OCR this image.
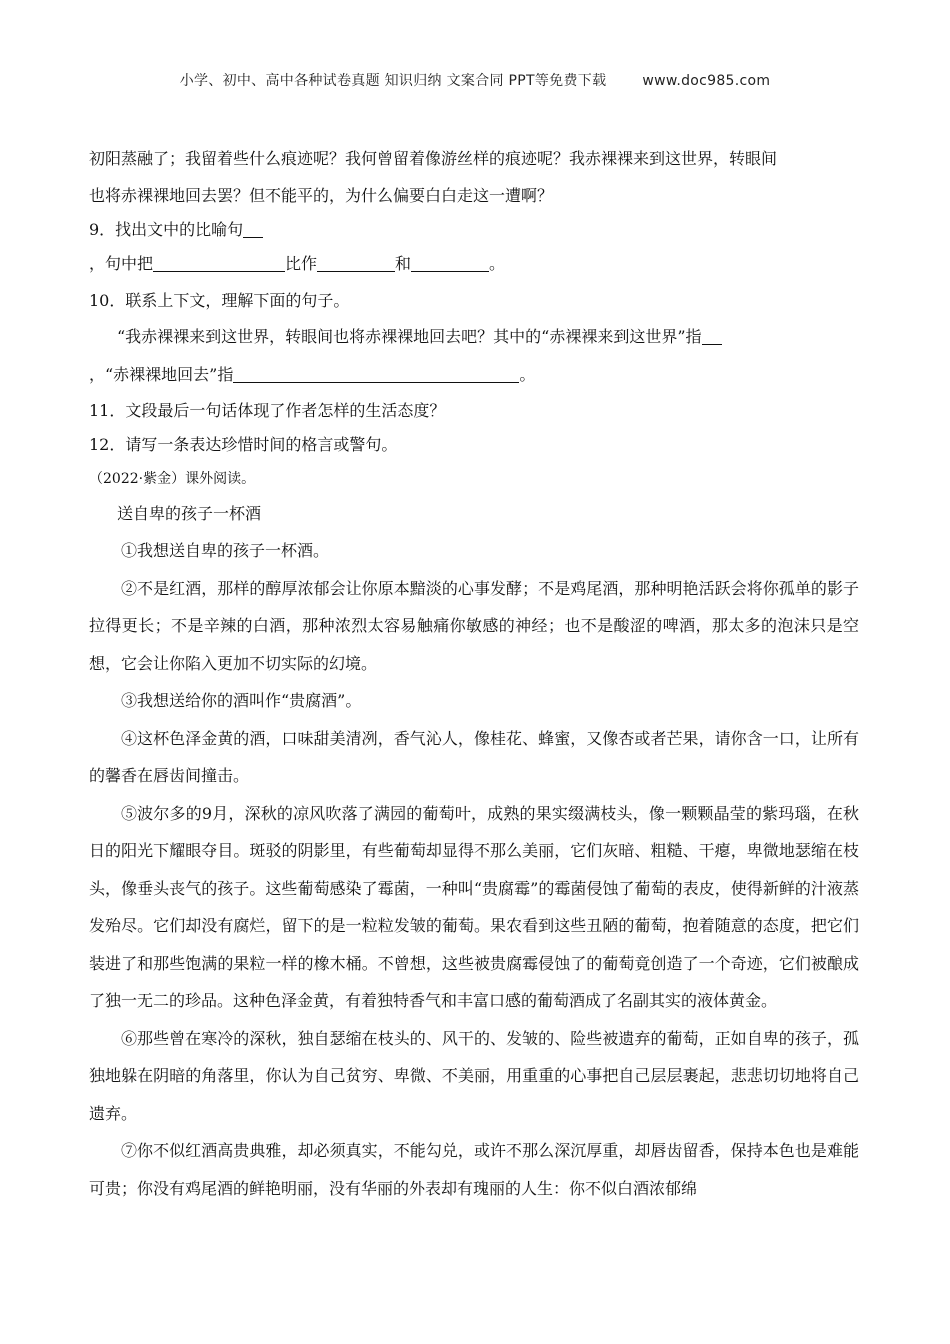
小学、初中、高中各种试卷真题 知识归纳 文案合同 PPT等免费下载	www.doc985.com
初阳蒸融了；我留着些什么痕迹呢？我何曾留着像游丝样的痕迹呢？我赤裸裸来到这世界，转眼间
也将赤裸裸地回去罢？但不能平的，为什么偏要白白走这一遭啊？
9．找出文中的比喻句
，句中把	比作	和	。
10．联系上下文，理解下面的句子。
“我赤裸裸来到这世界，转眼间也将赤裸裸地回去吧？其中的“赤裸裸来到这世界”指
，“赤裸裸地回去”指	。
11．文段最后一句话体现了作者怎样的生活态度？
12．请写一条表达珍惜时间的格言或警句。
（2022·紫金）课外阅读。
送自卑的孩子一杯酒

①我想送自卑的孩子一杯酒。

②不是红酒，那样的醇厚浓郁会让你原本黯淡的心事发酵；不是鸡尾酒，那种明艳活跃会将你孤单的影子拉得更长；不是辛辣的白酒，那种浓烈太容易触痛你敏感的神经；也不是酸涩的啤酒，那太多的泡沫只是空想，它会让你陷入更加不切实际的幻境。

③我想送给你的酒叫作“贵腐酒”。

④这杯色泽金黄的酒，口味甜美清冽，香气沁人，像桂花、蜂蜜，又像杏或者芒果，请你含一口，让所有的馨香在唇齿间撞击。

⑤波尔多的9月，深秋的凉风吹落了满园的葡萄叶，成熟的果实缀满枝头，像一颗颗晶莹的紫玛瑙，在秋日的阳光下耀眼夺目。斑驳的阴影里，有些葡萄却显得不那么美丽，它们灰暗、粗糙、干瘪，卑微地瑟缩在枝头，像垂头丧气的孩子。这些葡萄感染了霉菌，一种叫“贵腐霉”的霉菌侵蚀了葡萄的表皮，使得新鲜的汁液蒸发殆尽。它们却没有腐烂，留下的是一粒粒发皱的葡萄。果农看到这些丑陋的葡萄，抱着随意的态度，把它们装进了和那些饱满的果粒一样的橡木桶。不曾想，这些被贵腐霉侵蚀了的葡萄竟创造了一个奇迹，它们被酿成了独一无二的珍品。这种色泽金黄，有着独特香气和丰富口感的葡萄酒成了名副其实的液体黄金。

⑥那些曾在寒冷的深秋，独自瑟缩在枝头的、风干的、发皱的、险些被遗弃的葡萄，正如自卑的孩子，孤独地躲在阴暗的角落里，你认为自己贫穷、卑微、不美丽，用重重的心事把自己层层裹起，悲悲切切地将自己遗弃。

⑦你不似红酒高贵典雅，却必须真实，不能勾兑，或许不那么深沉厚重，却唇齿留香，保持本色也是难能可贵；你没有鸡尾酒的鲜艳明丽，没有华丽的外表却有瑰丽的人生：你不似白酒浓郁绵
